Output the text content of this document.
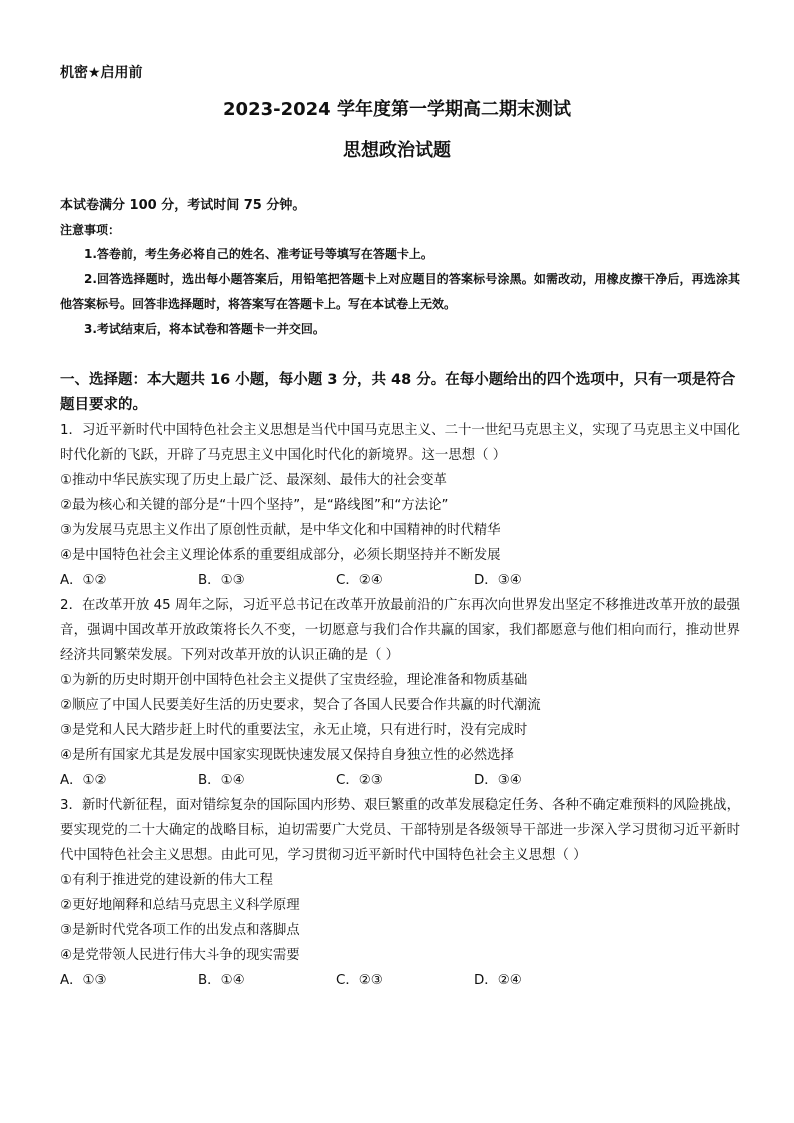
机密★启用前
2023-2024 学年度第一学期高二期末测试
思想政治试题
本试卷满分 100 分，考试时间 75 分钟。
注意事项：
1.答卷前，考生务必将自己的姓名、准考证号等填写在答题卡上。
2.回答选择题时，选出每小题答案后，用铅笔把答题卡上对应题目的答案标号涂黑。如需改动，用橡皮擦干净后，再选涂其他答案标号。回答非选择题时，将答案写在答题卡上。写在本试卷上无效。
3.考试结束后，将本试卷和答题卡一并交回。
一、选择题：本大题共 16 小题，每小题 3 分，共 48 分。在每小题给出的四个选项中，只有一项是符合题目要求的。

1．习近平新时代中国特色社会主义思想是当代中国马克思主义、二十一世纪马克思主义，实现了马克思主义中国化时代化新的飞跃，开辟了马克思主义中国化时代化的新境界。这一思想（ ）

①推动中华民族实现了历史上最广泛、最深刻、最伟大的社会变革

②最为核心和关键的部分是“十四个坚持”，是“路线图”和“方法论”

③为发展马克思主义作出了原创性贡献，是中华文化和中国精神的时代精华

④是中国特色社会主义理论体系的重要组成部分，必须长期坚持并不断发展

A．①②	B．①③	C．②④	D．③④

2．在改革开放 45 周年之际，习近平总书记在改革开放最前沿的广东再次向世界发出坚定不移推进改革开放的最强音，强调中国改革开放政策将长久不变，一切愿意与我们合作共赢的国家，我们都愿意与他们相向而行，推动世界经济共同繁荣发展。下列对改革开放的认识正确的是（ ）

①为新的历史时期开创中国特色社会主义提供了宝贵经验，理论准备和物质基础

②顺应了中国人民要美好生活的历史要求，契合了各国人民要合作共赢的时代潮流

③是党和人民大踏步赶上时代的重要法宝，永无止境，只有进行时，没有完成时

④是所有国家尤其是发展中国家实现既快速发展又保持自身独立性的必然选择

A．①②	B．①④	C．②③	D．③④

3．新时代新征程，面对错综复杂的国际国内形势、艰巨繁重的改革发展稳定任务、各种不确定难预料的风险挑战，要实现党的二十大确定的战略目标，迫切需要广大党员、干部特别是各级领导干部进一步深入学习贯彻习近平新时代中国特色社会主义思想。由此可见，学习贯彻习近平新时代中国特色社会主义思想（ ）

①有利于推进党的建设新的伟大工程

②更好地阐释和总结马克思主义科学原理

③是新时代党各项工作的出发点和落脚点

④是党带领人民进行伟大斗争的现实需要

A．①③	B．①④	C．②③	D．②④
